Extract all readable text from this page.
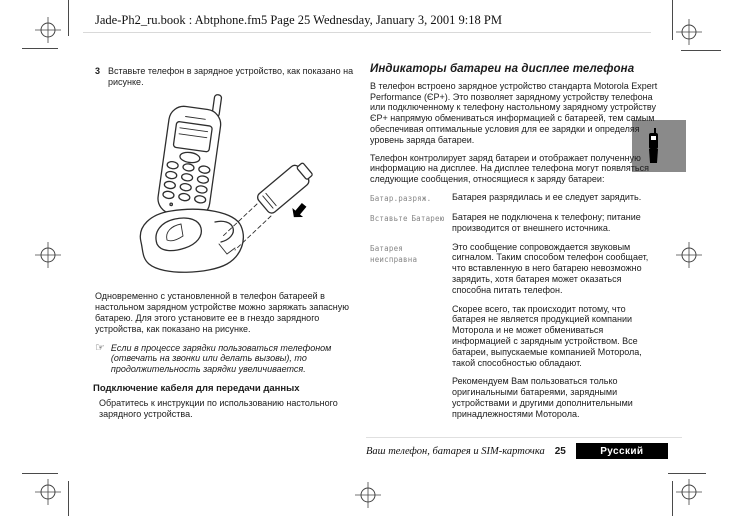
Jade-Ph2_ru.book : Abtphone.fm5 Page 25 Wednesday, January 3, 2001 9:18 PM
3 Вставьте телефон в зарядное устройство, как показано на рисунке.
Одновременно с установленной в телефон батареей в настольном зарядном устройстве можно заряжать запасную батарею. Для этого установите ее в гнездо зарядного устройства, как показано на рисунке.
☞ Если в процессе зарядки пользоваться телефоном (отвечать на звонки или делать вызовы), то продолжительность зарядки увеличивается.
Подключение кабеля для передачи данных
Обратитесь к инструкции по использованию настольного зарядного устройства.
Индикаторы батареи на дисплее телефона
В телефон встроено зарядное устройство стандарта Motorola Expert Performance (ЄР+). Это позволяет зарядному устройству телефона или подключенному к телефону настольному зарядному устройству ЄР+ напрямую обмениваться информацией с батареей, тем самым обеспечивая оптимальные условия для ее зарядки и определяя уровень заряда батареи.
Телефон контролирует заряд батареи и отображает полученную информацию на дисплее. На дисплее телефона могут появляться следующие сообщения, относящиеся к заряду батареи:
Батар.разряж.	Батарея разрядилась и ее следует зарядить.
Вставьте Батарею Батарея не подключена к телефону; питание производится от внешнего источника.
Батарея неисправна
Это сообщение сопровождается звуковым сигналом. Таким способом телефон сообщает, что вставленную в него батарею невозможно зарядить, хотя батарея может оказаться способна питать телефон.
Скорее всего, так происходит потому, что батарея не является продукцией компании Моторола и не может обмениваться информацией с зарядным устройством. Все батареи, выпускаемые компанией Моторола, такой способностью обладают.
Рекомендуем Вам пользоваться только оригинальными батареями, зарядными устройствами и другими дополнительными принадлежностями Моторола.
Ваш телефон, батарея и SIM-карточка 25	Русский
